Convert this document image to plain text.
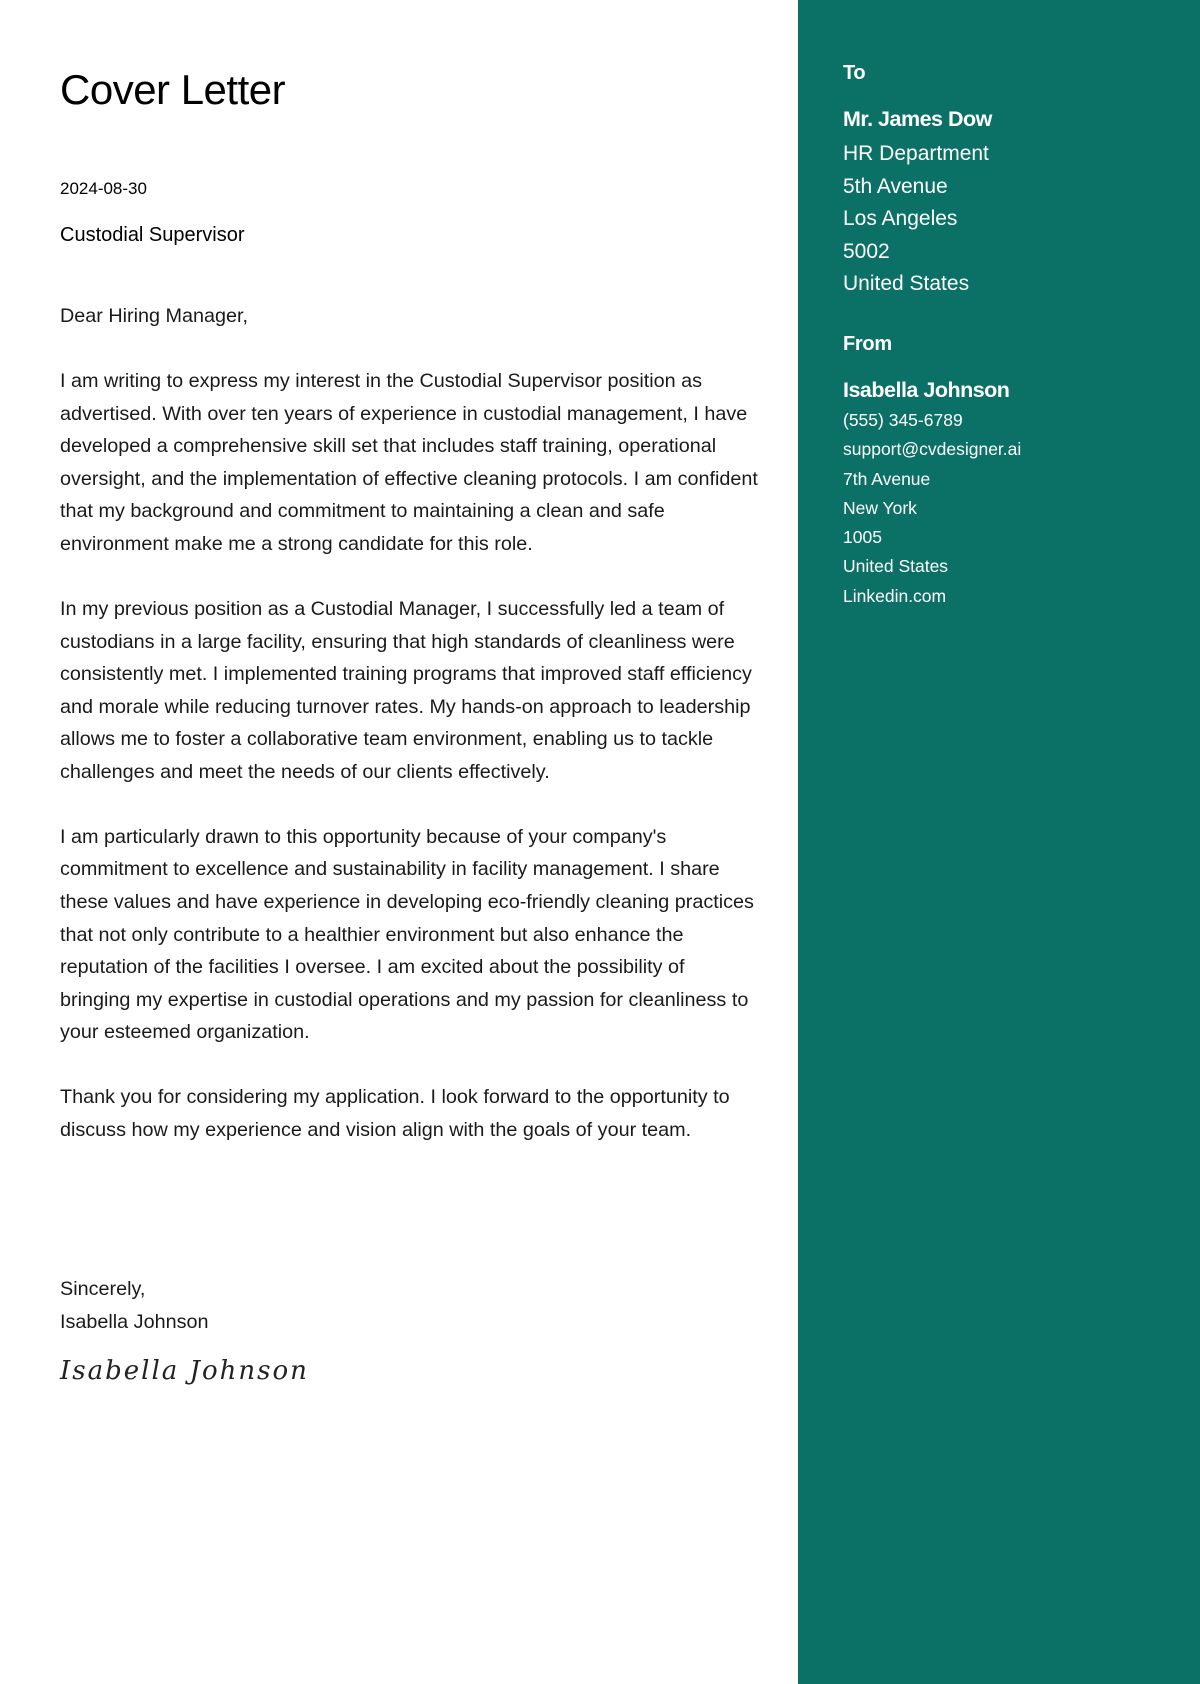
Cover Letter
2024-08-30
Custodial Supervisor

Dear Hiring Manager,

I am writing to express my interest in the Custodial Supervisor position as advertised. With over ten years of experience in custodial management, I have developed a comprehensive skill set that includes staff training, operational oversight, and the implementation of effective cleaning protocols. I am confident that my background and commitment to maintaining a clean and safe environment make me a strong candidate for this role.

In my previous position as a Custodial Manager, I successfully led a team of custodians in a large facility, ensuring that high standards of cleanliness were consistently met. I implemented training programs that improved staff efficiency and morale while reducing turnover rates. My hands-on approach to leadership allows me to foster a collaborative team environment, enabling us to tackle challenges and meet the needs of our clients effectively.

I am particularly drawn to this opportunity because of your company's commitment to excellence and sustainability in facility management. I share these values and have experience in developing eco-friendly cleaning practices that not only contribute to a healthier environment but also enhance the reputation of the facilities I oversee. I am excited about the possibility of bringing my expertise in custodial operations and my passion for cleanliness to your esteemed organization.

Thank you for considering my application. I look forward to the opportunity to discuss how my experience and vision align with the goals of your team.

Sincerely,
Isabella Johnson
Isabella Johnson
To
Mr. James Dow
HR Department
5th Avenue
Los Angeles
5002
United States
From
Isabella Johnson
(555) 345-6789
support@cvdesigner.ai
7th Avenue
New York
1005
United States
Linkedin.com
